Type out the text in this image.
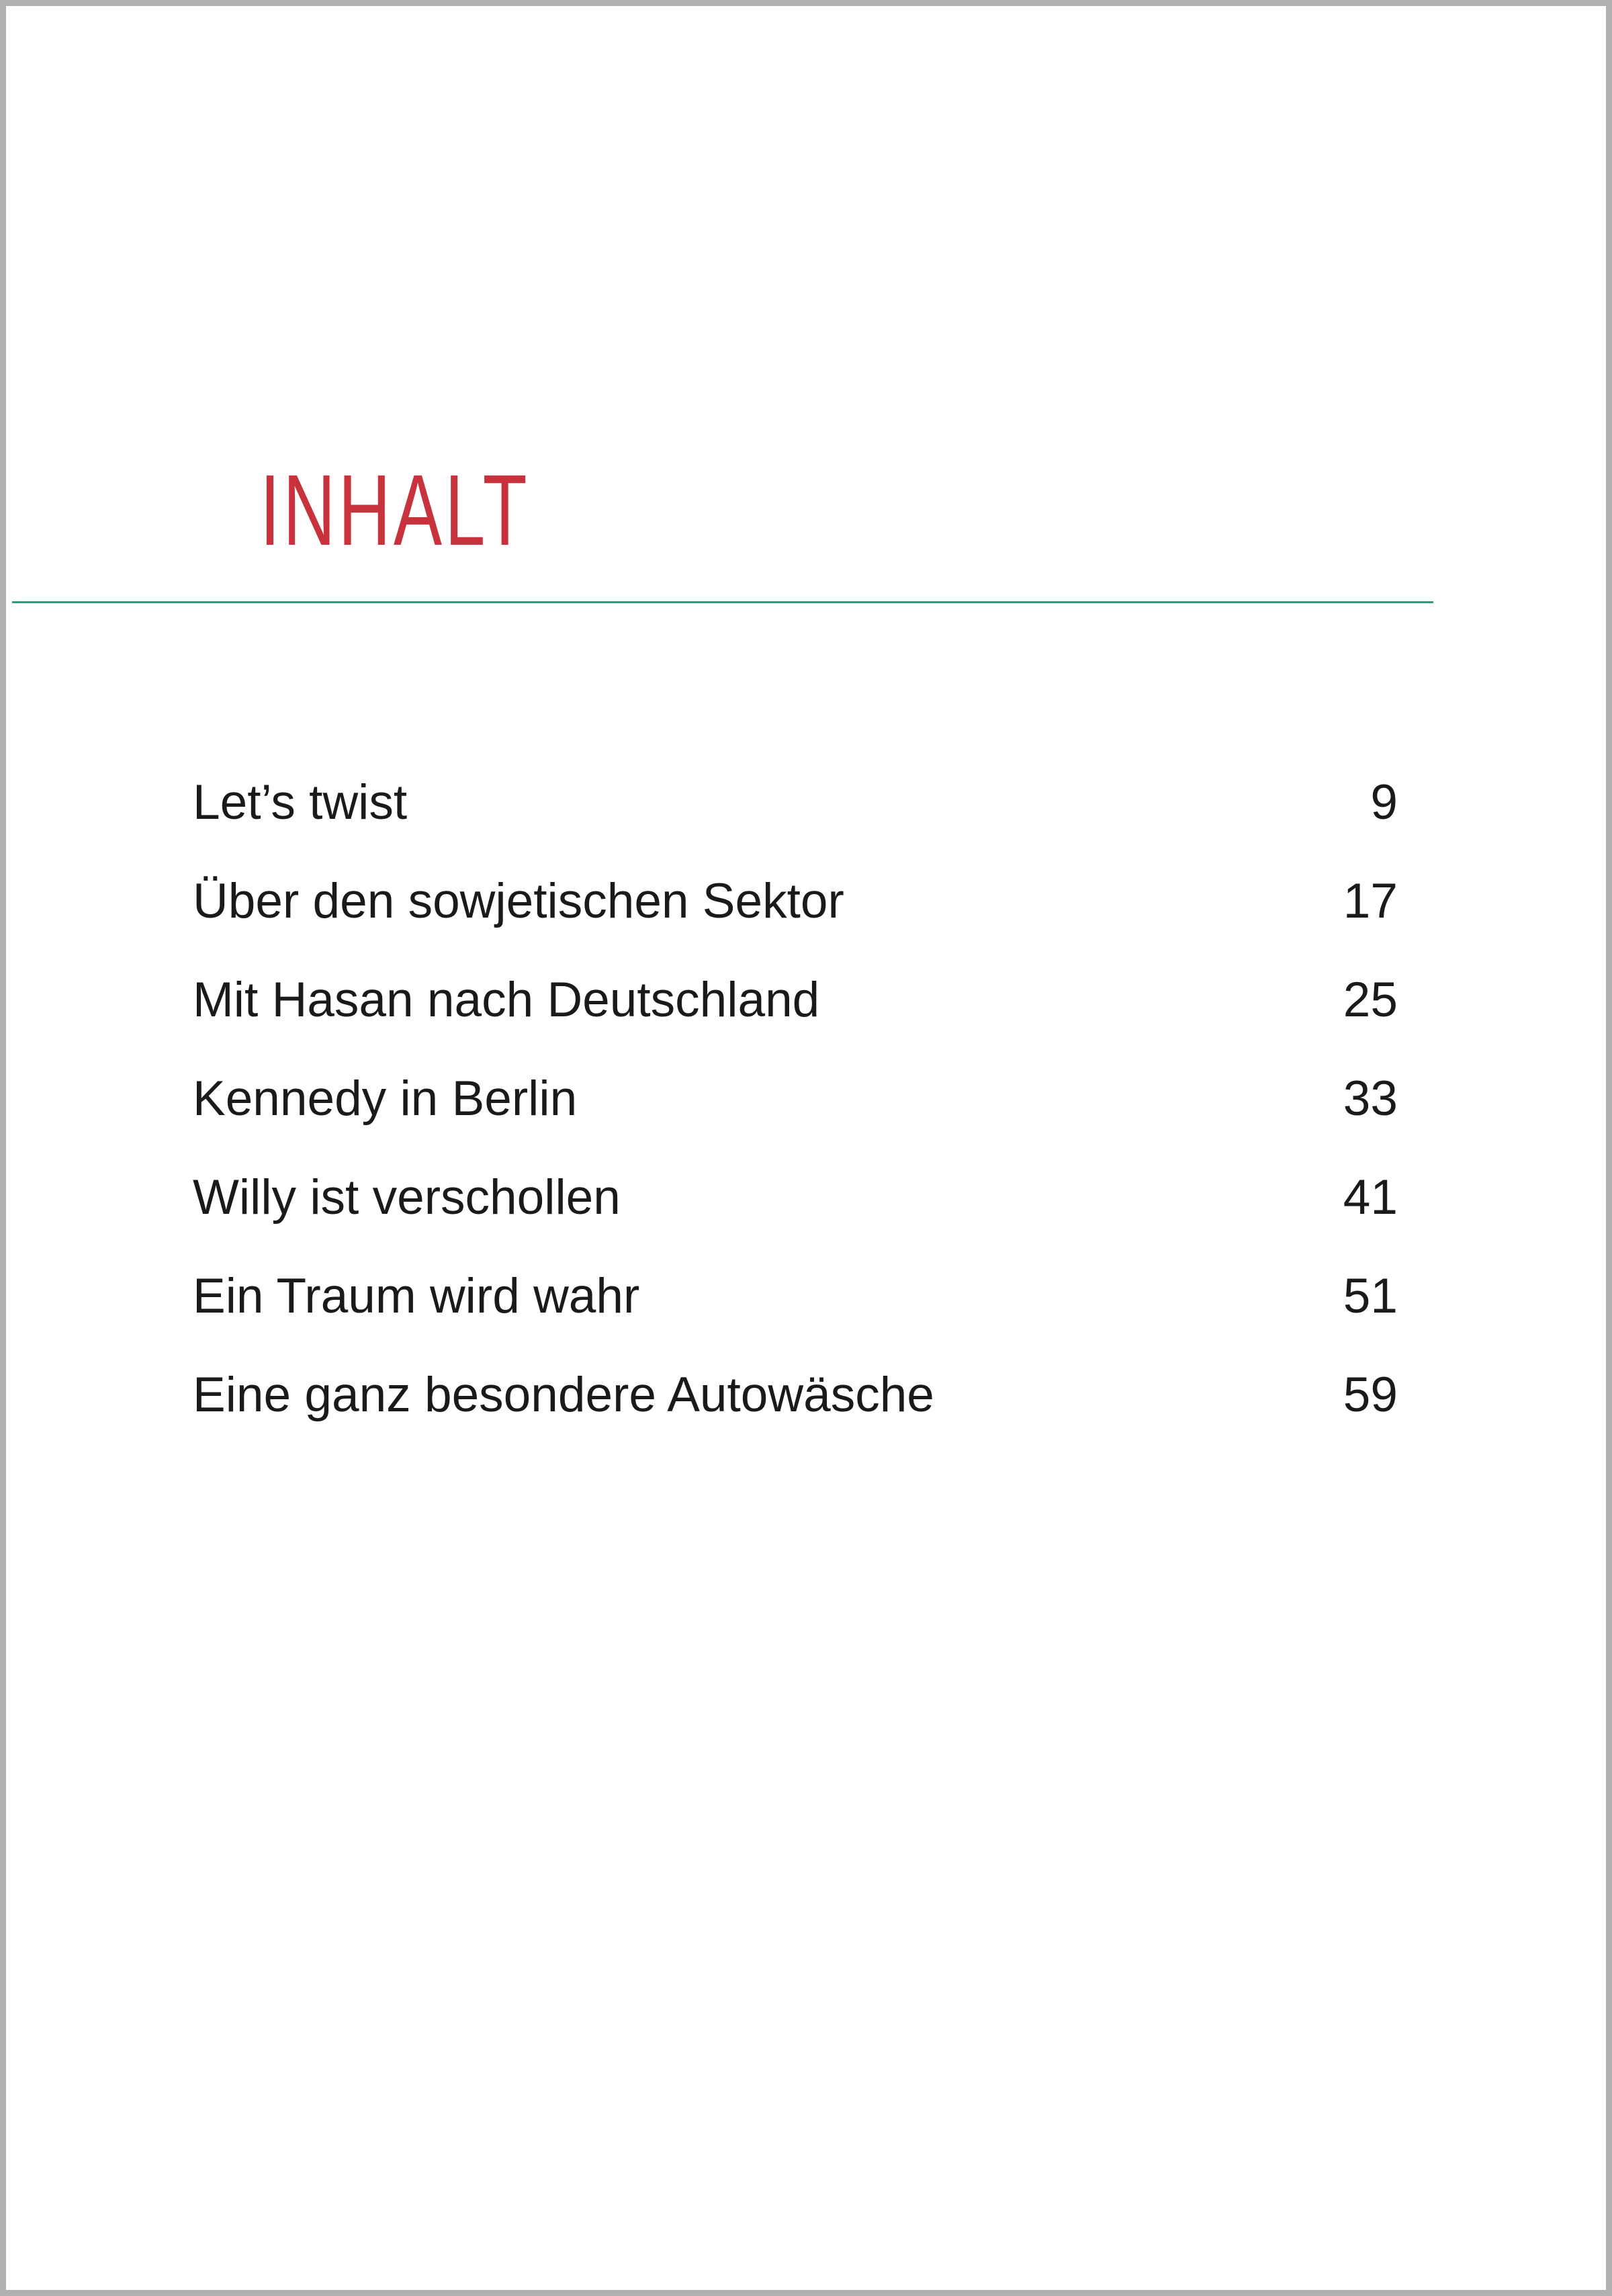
INHALT
Let’s twist	9
Über den sowjetischen Sektor	17
Mit Hasan nach Deutschland	25
Kennedy in Berlin	33
Willy ist verschollen	41
Ein Traum wird wahr	51
Eine ganz besondere Autowäsche	59
